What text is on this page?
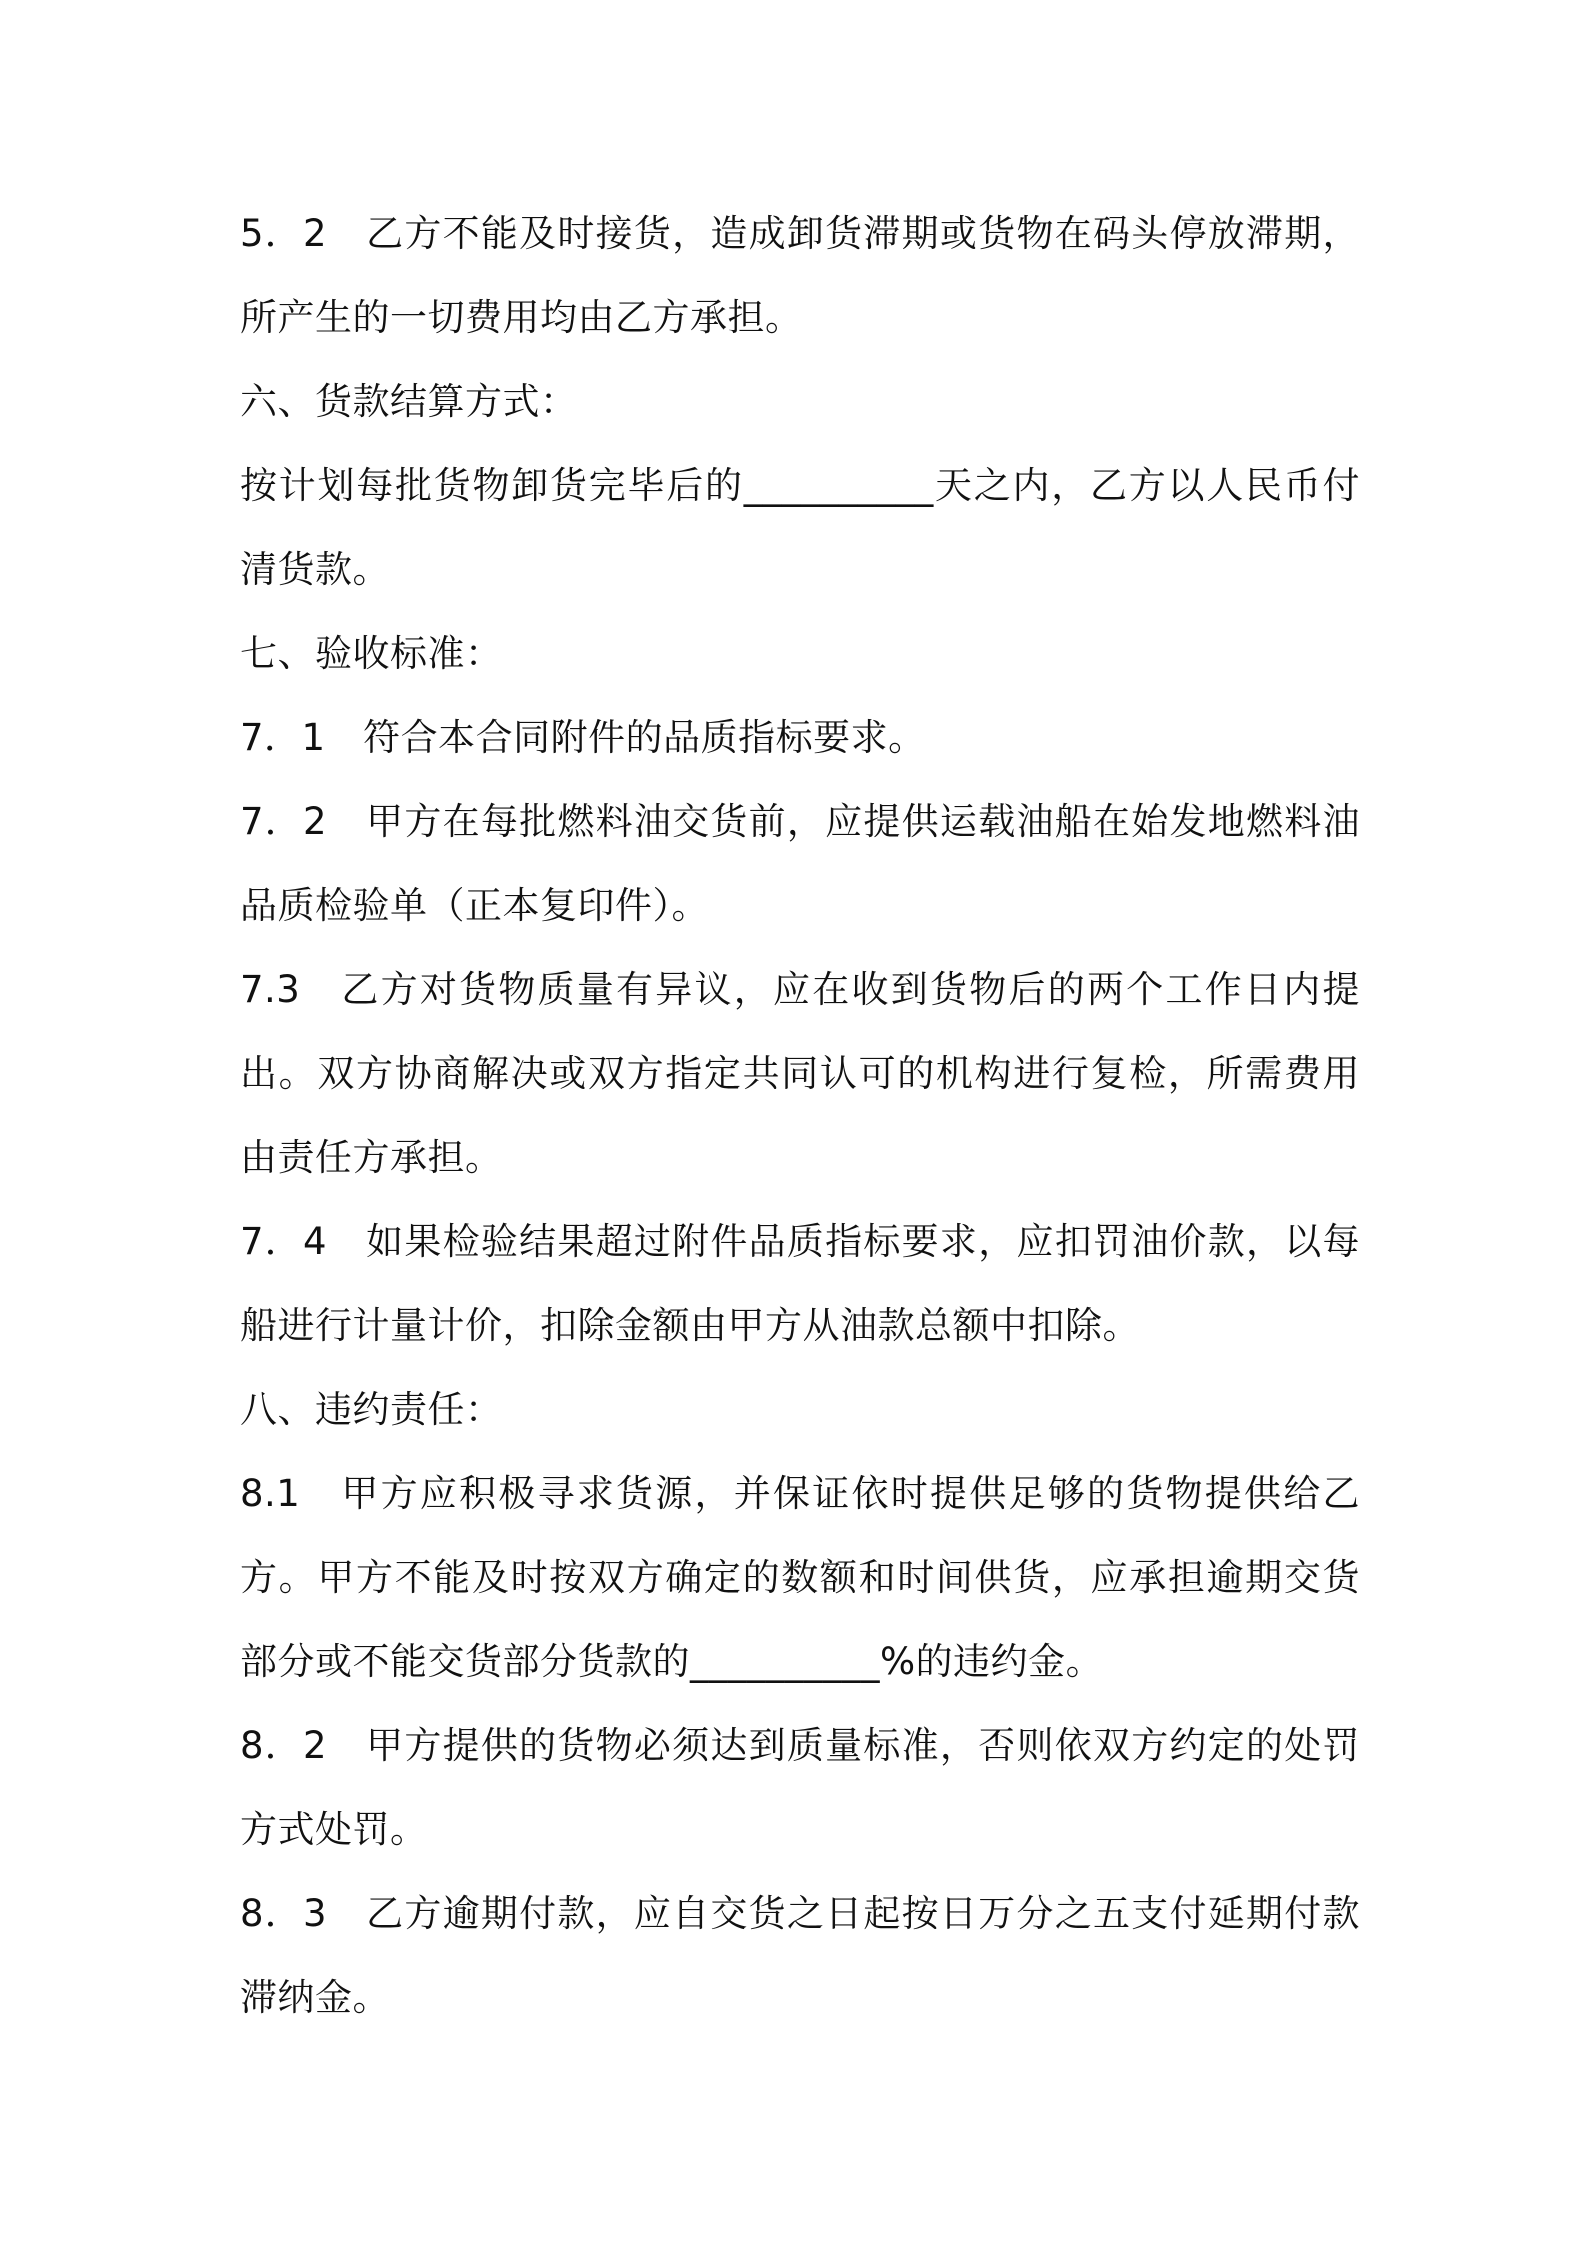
5．2　乙方不能及时接货，造成卸货滞期或货物在码头停放滞期，所产生的一切费用均由乙方承担。

六、货款结算方式：

按计划每批货物卸货完毕后的__________天之内，乙方以人民币付清货款。

七、验收标准：

7．1　符合本合同附件的品质指标要求。

7．2　甲方在每批燃料油交货前，应提供运载油船在始发地燃料油品质检验单（正本复印件）。

7.3　乙方对货物质量有异议，应在收到货物后的两个工作日内提出。双方协商解决或双方指定共同认可的机构进行复检，所需费用由责任方承担。

7．4　如果检验结果超过附件品质指标要求，应扣罚油价款，以每船进行计量计价，扣除金额由甲方从油款总额中扣除。

八、违约责任：

8.1　甲方应积极寻求货源，并保证依时提供足够的货物提供给乙方。甲方不能及时按双方确定的数额和时间供货，应承担逾期交货部分或不能交货部分货款的__________%的违约金。

8．2　甲方提供的货物必须达到质量标准，否则依双方约定的处罚方式处罚。

8．3　乙方逾期付款，应自交货之日起按日万分之五支付延期付款滞纳金。
